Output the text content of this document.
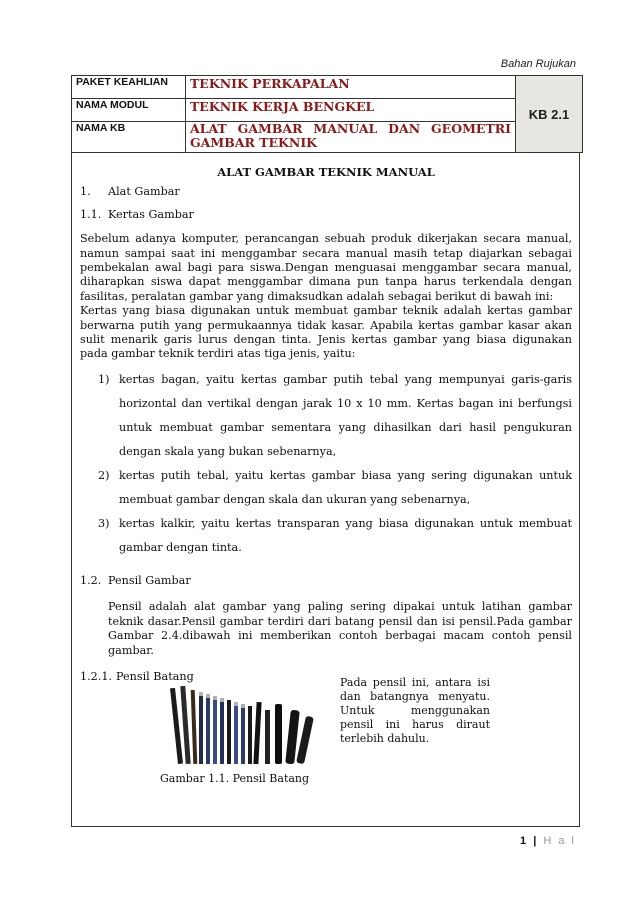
Bahan Rujukan
PAKET KEAHLIAN	TEKNIK PERKAPALAN	KB 2.1
NAMA MODUL	TEKNIK KERJA BENGKEL	
NAMA KB	ALAT GAMBAR MANUAL DAN GEOMETRI GAMBAR TEKNIK	
ALAT GAMBAR TEKNIK MANUAL
1.	Alat Gambar
1.1. Kertas Gambar

Sebelum adanya komputer, perancangan sebuah produk dikerjakan secara manual, namun sampai saat ini menggambar secara manual masih tetap diajarkan sebagai pembekalan awal bagi para siswa.Dengan menguasai menggambar secara manual, diharapkan siswa dapat menggambar dimana pun tanpa harus terkendala dengan fasilitas, peralatan gambar yang dimaksudkan adalah sebagai berikut di bawah ini:

Kertas yang biasa digunakan untuk membuat gambar teknik adalah kertas gambar berwarna putih yang permukaannya tidak kasar. Apabila kertas gambar kasar akan sulit menarik garis lurus dengan tinta. Jenis kertas gambar yang biasa digunakan pada gambar teknik terdiri atas tiga jenis, yaitu:

1) kertas bagan, yaitu kertas gambar putih tebal yang mempunyai garis-garis horizontal dan vertikal dengan jarak 10 x 10 mm. Kertas bagan ini berfungsi untuk membuat gambar sementara yang dihasilkan dari hasil pengukuran dengan skala yang bukan sebenarnya,
2) kertas putih tebal, yaitu kertas gambar biasa yang sering digunakan untuk membuat gambar dengan skala dan ukuran yang sebenarnya,
3) kertas kalkir, yaitu kertas transparan yang biasa digunakan untuk membuat gambar dengan tinta.
1.2. Pensil Gambar

Pensil adalah alat gambar yang paling sering dipakai untuk latihan gambar teknik dasar.Pensil gambar terdiri dari batang pensil dan isi pensil.Pada gambar Gambar 2.4.dibawah ini memberikan contoh berbagai macam contoh pensil gambar.

1.2.1. Pensil Batang
Gambar 1.1. Pensil Batang
Pada pensil ini, antara isi dan batangnya menyatu. Untuk menggunakan pensil ini harus diraut terlebih dahulu.
1 | H a l
